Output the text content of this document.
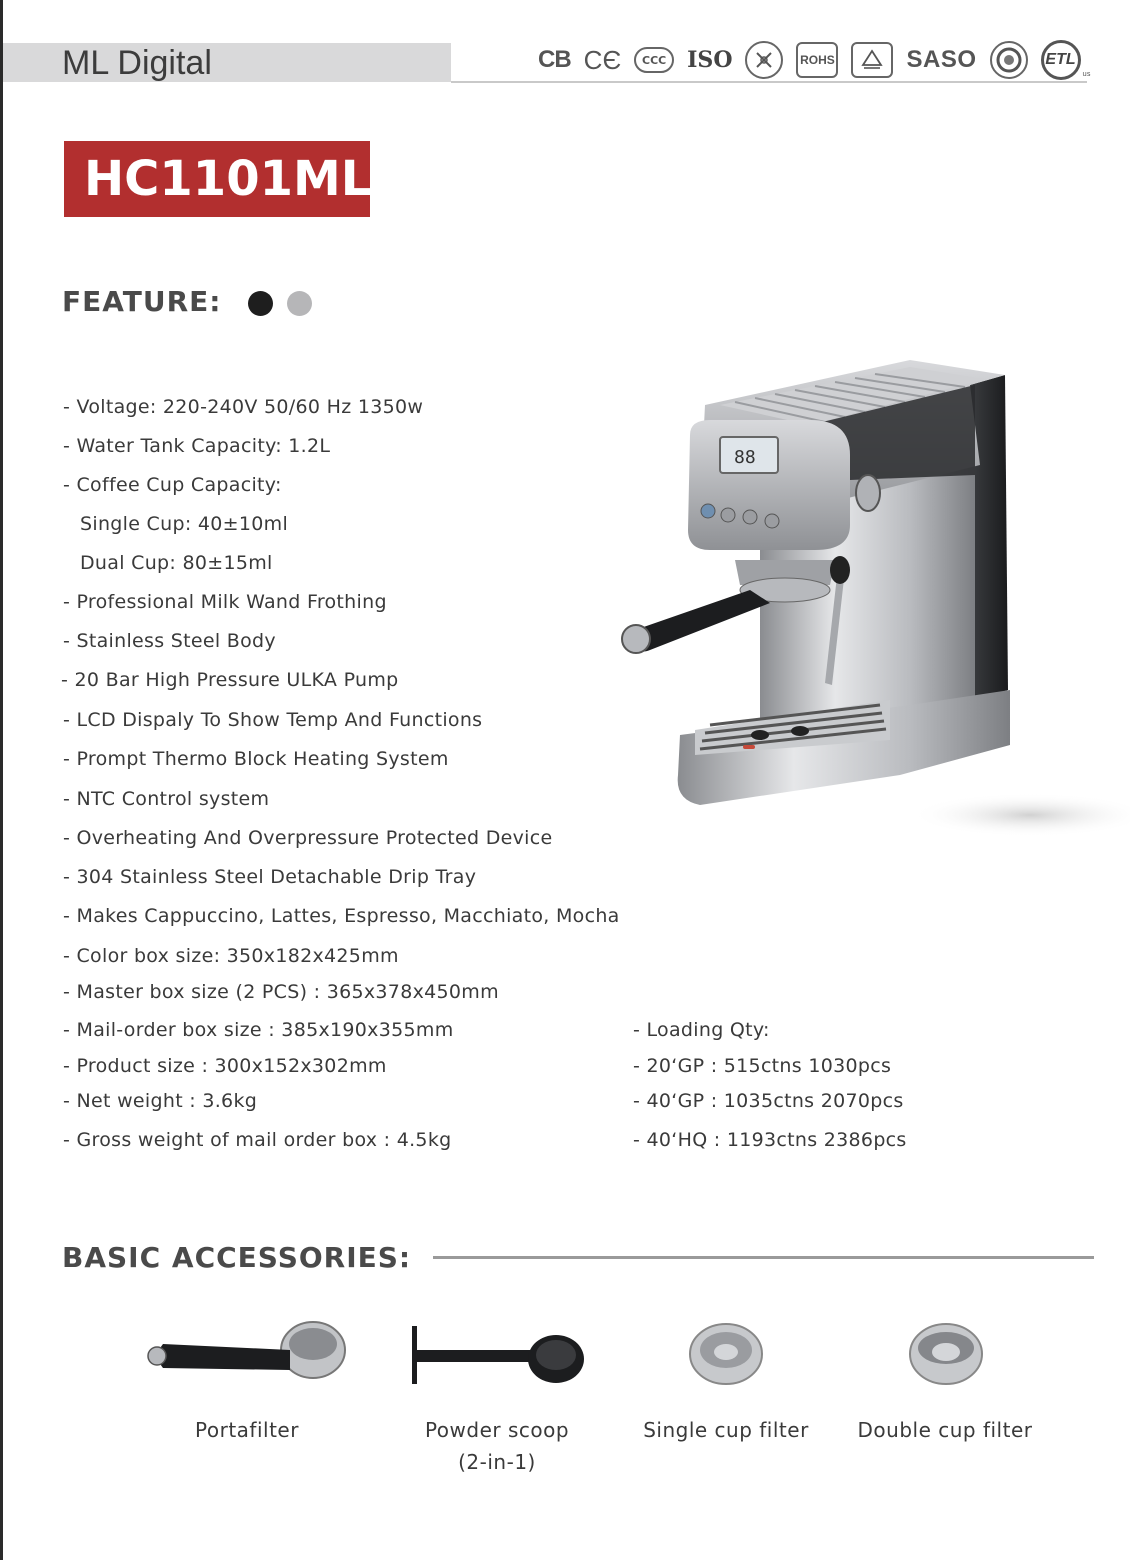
ML Digital	CB CЄ	CCC ISO	ROHS	SASO	ETL
us
HC1101ML
FEATURE:
- Voltage: 220-240V 50/60 Hz 1350w
- Water Tank Capacity: 1.2L
- Coffee Cup Capacity:
Single Cup: 40±10ml
Dual Cup: 80±15ml
- Professional Milk Wand Frothing
- Stainless Steel Body
- 20 Bar High Pressure ULKA Pump
- LCD Dispaly To Show Temp And Functions
- Prompt Thermo Block Heating System
- NTC Control system
- Overheating And Overpressure Protected Device
- 304 Stainless Steel Detachable Drip Tray
- Makes Cappuccino, Lattes, Espresso, Macchiato, Mocha
- Color box size: 350x182x425mm
- Master box size (2 PCS) : 365x378x450mm
- Mail-order box size : 385x190x355mm
- Product size : 300x152x302mm
- Net weight : 3.6kg
- Gross weight of mail order box : 4.5kg
- Loading Qty:
- 20‘GP : 515ctns 1030pcs
- 40‘GP : 1035ctns 2070pcs
- 40‘HQ : 1193ctns 2386pcs
88
BASIC ACCESSORIES:
Portafilter	Powder scoop
(2-in-1)
Single cup filter	Double cup filter
